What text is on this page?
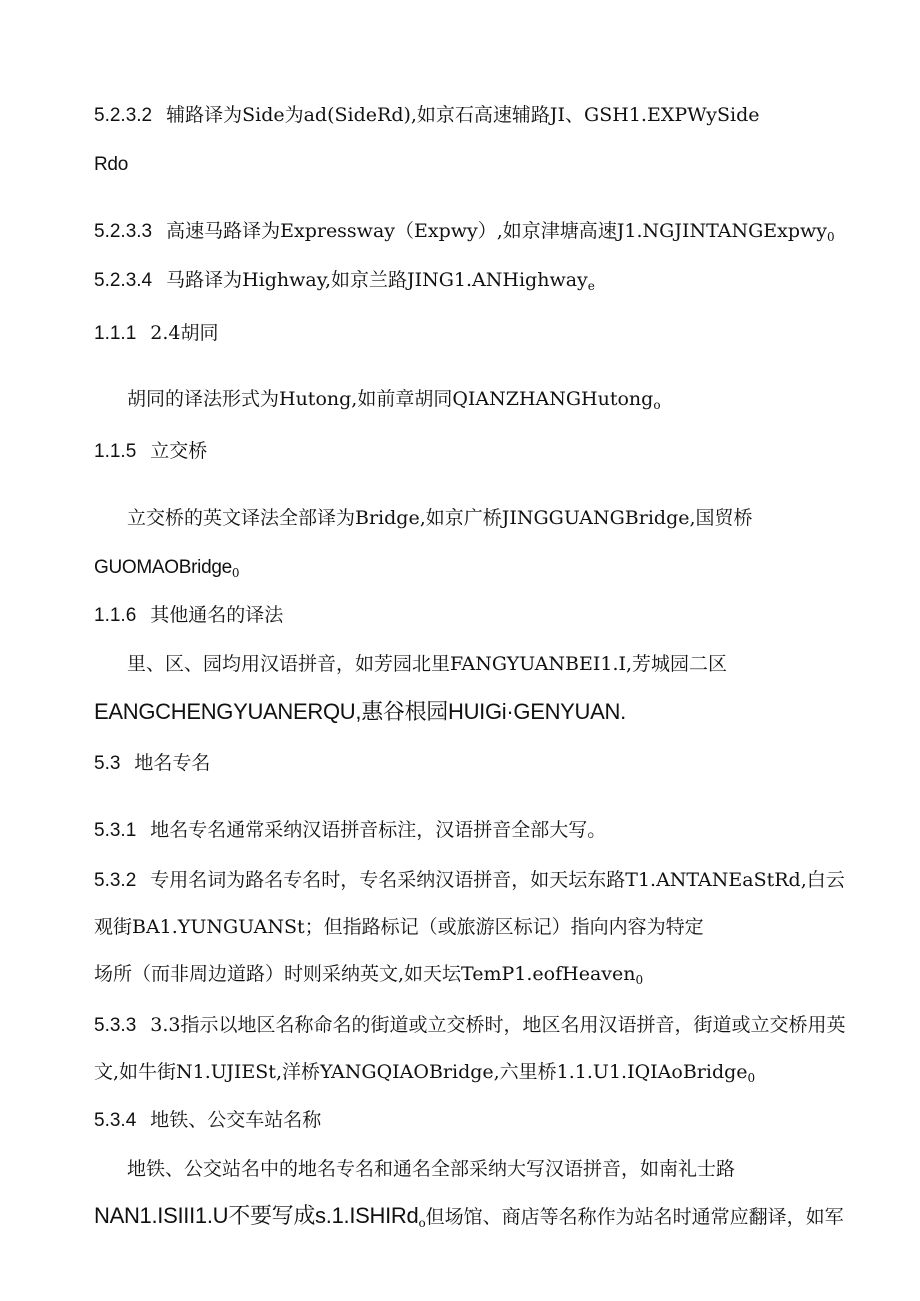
5.2.3.2 辅路译为Side为ad(SideRd),如京石高速辅路JI、GSH1.EXPWySide
Rdo
5.2.3.3 高速马路译为Expressway（Expwy）,如京津塘高速J1.NGJINTANGExpwy$_0$
5.2.3.4 马路译为Highway,如京兰路JING1.ANHighway$_e$
1.1.1 2.4胡同
胡同的译法形式为Hutong,如前章胡同QIANZHANGHutong$_o$
1.1.5 立交桥
立交桥的英文译法全部译为Bridge,如京广桥JINGGUANGBridge,国贸桥
GUOMAOBridge$_0$
1.1.6 其他通名的译法
里、区、园均用汉语拼音，如芳园北里FANGYUANBEI1.I,芳城园二区
EANGCHENGYUANERQU,惠谷根园HUIGi·GENYUAN.
5.3 地名专名
5.3.1 地名专名通常采纳汉语拼音标注，汉语拼音全部大写。
5.3.2 专用名词为路名专名时，专名采纳汉语拼音，如天坛东路T1.ANTANEaStRd,白云
观街BA1.YUNGUANSt；但指路标记（或旅游区标记）指向内容为特定
场所（而非周边道路）时则采纳英文,如天坛TemP1.eofHeaven$_0$
5.3.3 3.3指示以地区名称命名的街道或立交桥时，地区名用汉语拼音，街道或立交桥用英
文,如牛街N1.UJIESt,洋桥YANGQIAOBridge,六里桥1.1.U1.IQIAoBridge$_0$
5.3.4 地铁、公交车站名称
地铁、公交站名中的地名专名和通名全部采纳大写汉语拼音，如南礼士路
NAN1.ISIII1.U不要写成s.1.ISHIRd$_o$但场馆、商店等名称作为站名时通常应翻译，如军
